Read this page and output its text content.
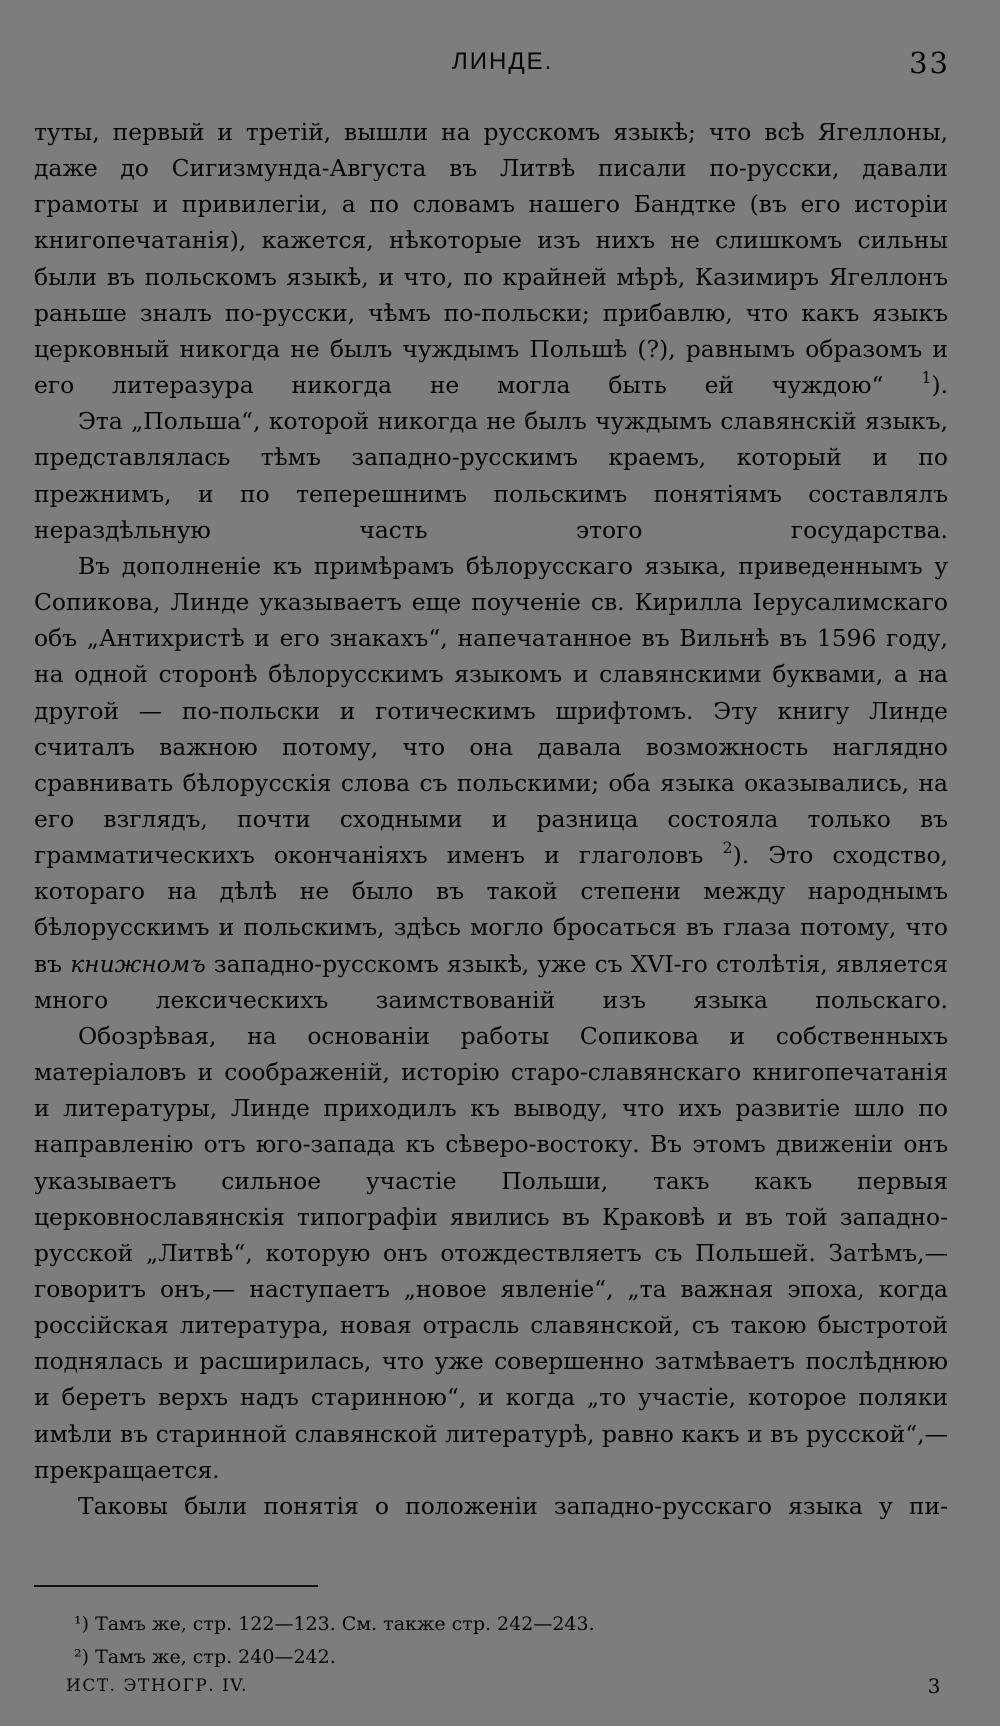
ЛИНДЕ.	33

туты, первый и третій, вышли на русскомъ языкѣ; что всѣ Ягеллоны, даже до Сигизмунда-Августа въ Литвѣ писали по-русски, давали грамоты и привилегіи, а по словамъ нашего Бандтке (въ его исторіи книгопечатанія), кажется, нѣкоторые изъ нихъ не слишкомъ сильны были въ польскомъ языкѣ, и что, по крайней мѣрѣ, Казимиръ Ягеллонъ раньше зналъ по-русски, чѣмъ по-польски; прибавлю, что какъ языкъ церковный никогда не былъ чуждымъ Польшѣ (?), равнымъ образомъ и его литеразура никогда не могла быть ей чуждою“ $^1$).

Эта „Польша“, которой никогда не былъ чуждымъ славянскій языкъ, представлялась тѣмъ западно-русскимъ краемъ, который и по прежнимъ, и по теперешнимъ польскимъ понятіямъ составлялъ нераздѣльную часть этого государства.

Въ дополненіе къ примѣрамъ бѣлорусскаго языка, приведеннымъ у Сопикова, Линде указываетъ еще поученіе св. Кирилла Іерусалимскаго объ „Антихристѣ и его знакахъ“, напечатанное въ Вильнѣ въ 1596 году, на одной сторонѣ бѣлорусскимъ языкомъ и славянскими буквами, а на другой — по-польски и готическимъ шрифтомъ. Эту книгу Линде считалъ важною потому, что она давала возможность наглядно сравнивать бѣлорусскія слова съ польскими; оба языка оказывались, на его взглядъ, почти сходными и разница состояла только въ грамматическихъ окончаніяхъ именъ и глаголовъ $^2$). Это сходство, котораго на дѣлѣ не было въ такой степени между народнымъ бѣлорусскимъ и польскимъ, здѣсь могло бросаться въ глаза потому, что въ книжномъ западно-русскомъ языкѣ, уже съ XVI-го столѣтія, является много лексическихъ заимствованій изъ языка польскаго.

Обозрѣвая, на основаніи работы Сопикова и собственныхъ матеріаловъ и соображеній, исторію старо-славянскаго книгопечатанія и литературы, Линде приходилъ къ выводу, что ихъ развитіе шло по направленію отъ юго-запада къ сѣверо-востоку. Въ этомъ движеніи онъ указываетъ сильное участіе Польши, такъ какъ первыя церковнославянскія типографіи явились въ Краковѣ и въ той западно-русской „Литвѣ“, которую онъ отождествляетъ съ Польшей. Затѣмъ,—говоритъ онъ,— наступаетъ „новое явленіе“, „та важная эпоха, когда россійская литература, новая отрасль славянской, съ такою быстротой поднялась и расширилась, что уже совершенно затмѣваетъ послѣднюю и беретъ верхъ надъ старинною“, и когда „то участіе, которое поляки имѣли въ старинной славянской литературѣ, равно какъ и въ русской“,—прекращается.

Таковы были понятія о положеніи западно-русскаго языка у пи-

¹) Тамъ же, стр. 122—123. См. также стр. 242—243.
²) Тамъ же, стр. 240—242.
ИСТ. ЭТНОГР. IV.	3
